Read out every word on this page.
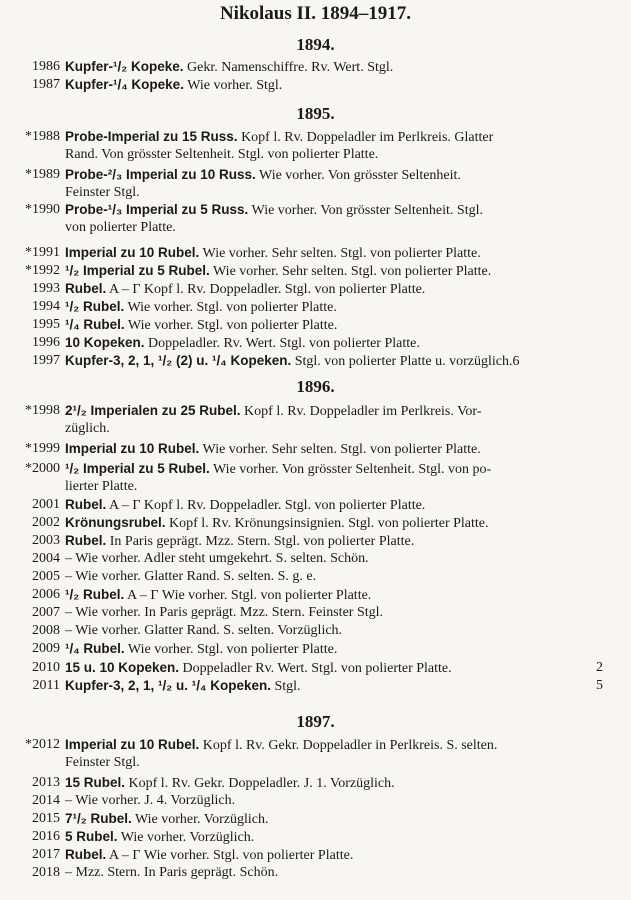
Nikolaus II. 1894–1917.
1894.
1986 Kupfer-¹/₂ Kopeke. Gekr. Namenschiffre. Rv. Wert. Stgl.
1987 Kupfer-¹/₄ Kopeke. Wie vorher. Stgl.
1895.
*1988 Probe-Imperial zu 15 Russ. Kopf l. Rv. Doppeladler im Perlkreis. Glatter
Rand. Von grösster Seltenheit. Stgl. von polierter Platte.
*1989 Probe-²/₃ Imperial zu 10 Russ. Wie vorher. Von grösster Seltenheit.
Feinster Stgl.
*1990 Probe-¹/₃ Imperial zu 5 Russ. Wie vorher. Von grösster Seltenheit. Stgl.
von polierter Platte.
*1991 Imperial zu 10 Rubel. Wie vorher. Sehr selten. Stgl. von polierter Platte.
*1992 ¹/₂ Imperial zu 5 Rubel. Wie vorher. Sehr selten. Stgl. von polierter Platte.
1993 Rubel. A – Г Kopf l. Rv. Doppeladler. Stgl. von polierter Platte.
1994 ¹/₂ Rubel. Wie vorher. Stgl. von polierter Platte.
1995 ¹/₄ Rubel. Wie vorher. Stgl. von polierter Platte.
1996 10 Kopeken. Doppeladler. Rv. Wert. Stgl. von polierter Platte.
1997 Kupfer-3, 2, 1, ¹/₂ (2) u. ¹/₄ Kopeken. Stgl. von polierter Platte u. vorzüglich.6
1896.
*1998 2¹/₂ Imperialen zu 25 Rubel. Kopf l. Rv. Doppeladler im Perlkreis. Vor-
züglich.
*1999 Imperial zu 10 Rubel. Wie vorher. Sehr selten. Stgl. von polierter Platte.
*2000 ¹/₂ Imperial zu 5 Rubel. Wie vorher. Von grösster Seltenheit. Stgl. von po-
lierter Platte.
2001 Rubel. A – Г Kopf l. Rv. Doppeladler. Stgl. von polierter Platte.
2002 Krönungsrubel. Kopf l. Rv. Krönungsinsignien. Stgl. von polierter Platte.
2003 Rubel. In Paris geprägt. Mzz. Stern. Stgl. von polierter Platte.
2004 – Wie vorher. Adler steht umgekehrt. S. selten. Schön.
2005 – Wie vorher. Glatter Rand. S. selten. S. g. e.
2006 ¹/₂ Rubel. A – Г Wie vorher. Stgl. von polierter Platte.
2007 – Wie vorher. In Paris geprägt. Mzz. Stern. Feinster Stgl.
2008 – Wie vorher. Glatter Rand. S. selten. Vorzüglich.
2009 ¹/₄ Rubel. Wie vorher. Stgl. von polierter Platte.
2010 15 u. 10 Kopeken. Doppeladler Rv. Wert. Stgl. von polierter Platte.	2
2011 Kupfer-3, 2, 1, ¹/₂ u. ¹/₄ Kopeken. Stgl.	5
1897.
*2012 Imperial zu 10 Rubel. Kopf l. Rv. Gekr. Doppeladler in Perlkreis. S. selten.
Feinster Stgl.
2013 15 Rubel. Kopf l. Rv. Gekr. Doppeladler. J. 1. Vorzüglich.
2014 – Wie vorher. J. 4. Vorzüglich.
2015 7¹/₂ Rubel. Wie vorher. Vorzüglich.
2016 5 Rubel. Wie vorher. Vorzüglich.
2017 Rubel. A – Г Wie vorher. Stgl. von polierter Platte.
2018 – Mzz. Stern. In Paris geprägt. Schön.
